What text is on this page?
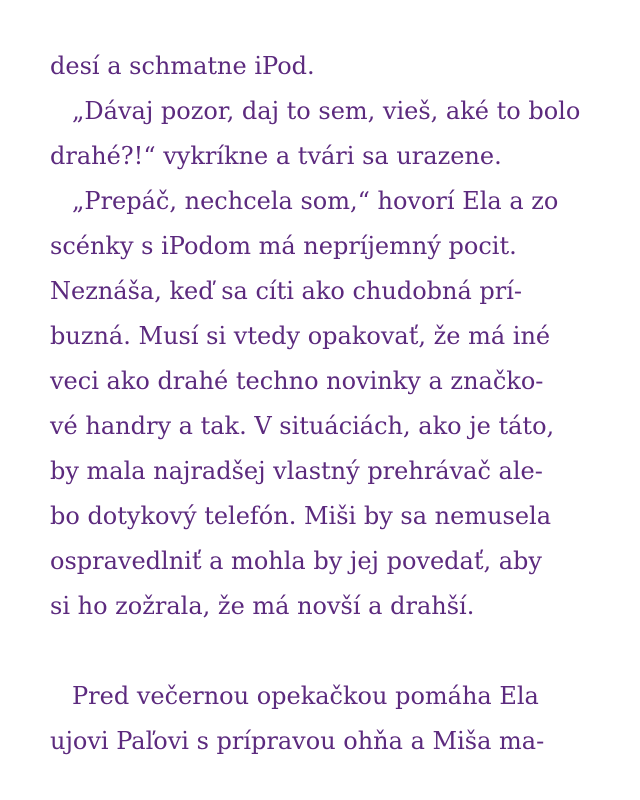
desí a schmatne iPod.
„Dávaj pozor, daj to sem, vieš, aké to bolo
drahé?!“ vykríkne a tvári sa urazene.
„Prepáč, nechcela som,“ hovorí Ela a zo
scénky s iPodom má nepríjemný pocit.
Neznáša, keď sa cíti ako chudobná prí-
buzná. Musí si vtedy opakovať, že má iné
veci ako drahé techno novinky a značko-
vé handry a tak. V situáciách, ako je táto,
by mala najradšej vlastný prehrávač ale-
bo dotykový telefón. Miši by sa nemusela
ospravedlniť a mohla by jej povedať, aby
si ho zožrala, že má novší a drahší.
Pred večernou opekačkou pomáha Ela
ujovi Paľovi s prípravou ohňa a Miša ma-
